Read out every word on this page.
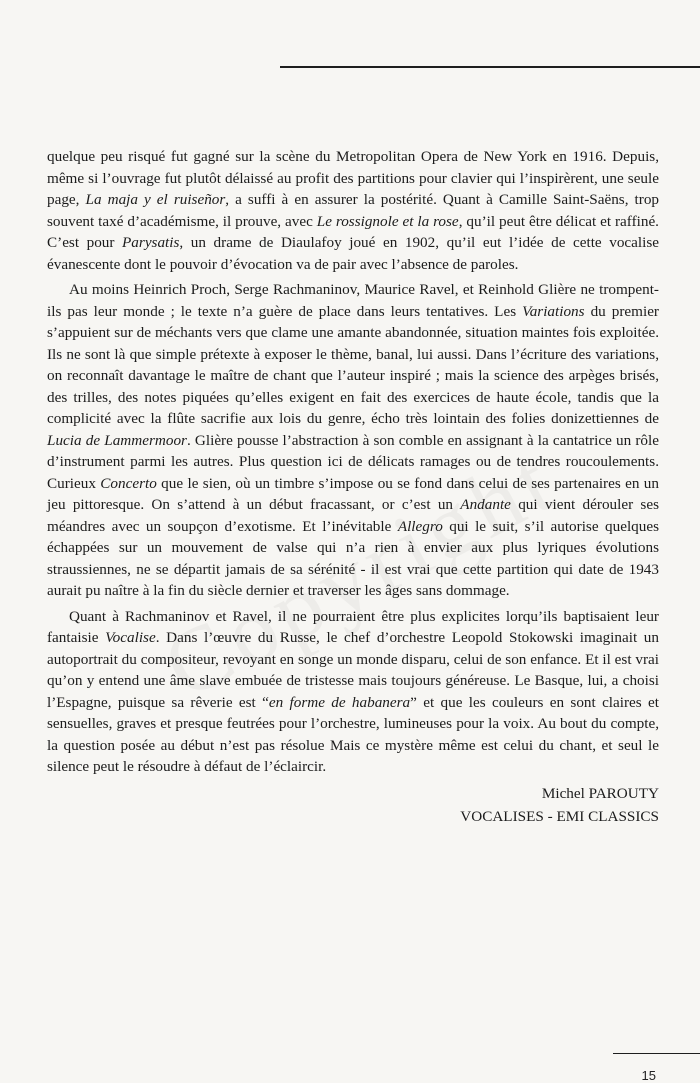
quelque peu risqué fut gagné sur la scène du Metropolitan Opera de New York en 1916. Depuis, même si l’ouvrage fut plutôt délaissé au profit des partitions pour clavier qui l’inspirèrent, une seule page, La maja y el ruiseñor, a suffi à en assurer la postérité. Quant à Camille Saint-Saëns, trop souvent taxé d’académisme, il prouve, avec Le rossignole et la rose, qu’il peut être délicat et raffiné. C’est pour Parysatis, un drame de Diaulafoy joué en 1902, qu’il eut l’idée de cette vocalise évanescente dont le pouvoir d’évocation va de pair avec l’absence de paroles.

Au moins Heinrich Proch, Serge Rachmaninov, Maurice Ravel, et Reinhold Glière ne trompent-ils pas leur monde ; le texte n’a guère de place dans leurs tentatives. Les Variations du premier s’appuient sur de méchants vers que clame une amante abandonnée, situation maintes fois exploitée. Ils ne sont là que simple prétexte à exposer le thème, banal, lui aussi. Dans l’écriture des variations, on reconnaît davantage le maître de chant que l’auteur inspiré ; mais la science des arpèges brisés, des trilles, des notes piquées qu’elles exigent en fait des exercices de haute école, tandis que la complicité avec la flûte sacrifie aux lois du genre, écho très lointain des folies donizettiennes de Lucia de Lammermoor. Glière pousse l’abstraction à son comble en assignant à la cantatrice un rôle d’instrument parmi les autres. Plus question ici de délicats ramages ou de tendres roucoulements. Curieux Concerto que le sien, où un timbre s’impose ou se fond dans celui de ses partenaires en un jeu pittoresque. On s’attend à un début fracassant, or c’est un Andante qui vient dérouler ses méandres avec un soupçon d’exotisme. Et l’inévitable Allegro qui le suit, s’il autorise quelques échappées sur un mouvement de valse qui n’a rien à envier aux plus lyriques évolutions straussiennes, ne se départit jamais de sa sérénité - il est vrai que cette partition qui date de 1943 aurait pu naître à la fin du siècle dernier et traverser les âges sans dommage.

Quant à Rachmaninov et Ravel, il ne pourraient être plus explicites lorqu’ils baptisaient leur fantaisie Vocalise. Dans l’œuvre du Russe, le chef d’orchestre Leopold Stokowski imaginait un autoportrait du compositeur, revoyant en songe un monde disparu, celui de son enfance. Et il est vrai qu’on y entend une âme slave embuée de tristesse mais toujours généreuse. Le Basque, lui, a choisi l’Espagne, puisque sa rêverie est “en forme de habanera” et que les couleurs en sont claires et sensuelles, graves et presque feutrées pour l’orchestre, lumineuses pour la voix. Au bout du compte, la question posée au début n’est pas résolue Mais ce mystère même est celui du chant, et seul le silence peut le résoudre à défaut de l’éclaircir.

Michel PAROUTY
VOCALISES - EMI CLASSICS
15
